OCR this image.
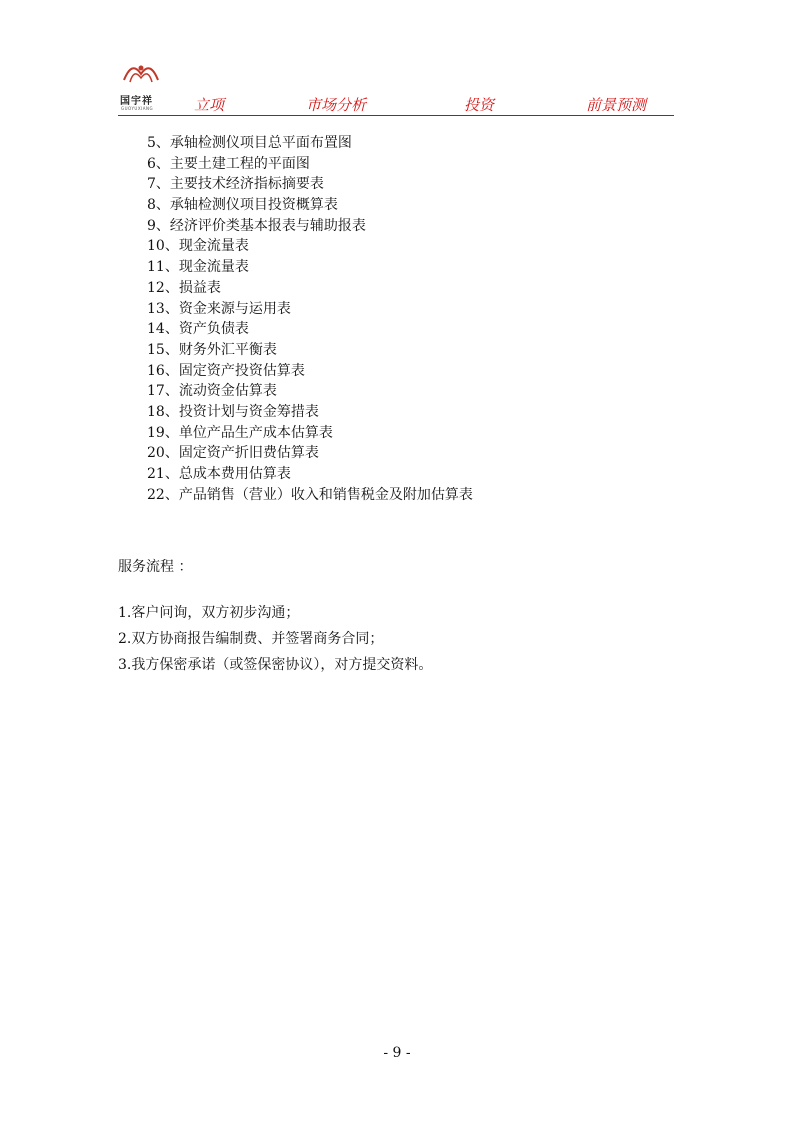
国宇祥
GUOYUXIANG	立项	市场分析	投资	前景预测
5、承轴检测仪项目总平面布置图
6、主要土建工程的平面图
7、主要技术经济指标摘要表
8、承轴检测仪项目投资概算表
9、经济评价类基本报表与辅助报表
10、现金流量表
11、现金流量表
12、损益表
13、资金来源与运用表
14、资产负债表
15、财务外汇平衡表
16、固定资产投资估算表
17、流动资金估算表
18、投资计划与资金筹措表
19、单位产品生产成本估算表
20、固定资产折旧费估算表
21、总成本费用估算表
22、产品销售（营业）收入和销售税金及附加估算表
服务流程 ：
1.客户问询，双方初步沟通；
2.双方协商报告编制费、并签署商务合同；
3.我方保密承诺（或签保密协议），对方提交资料。
- 9 -
